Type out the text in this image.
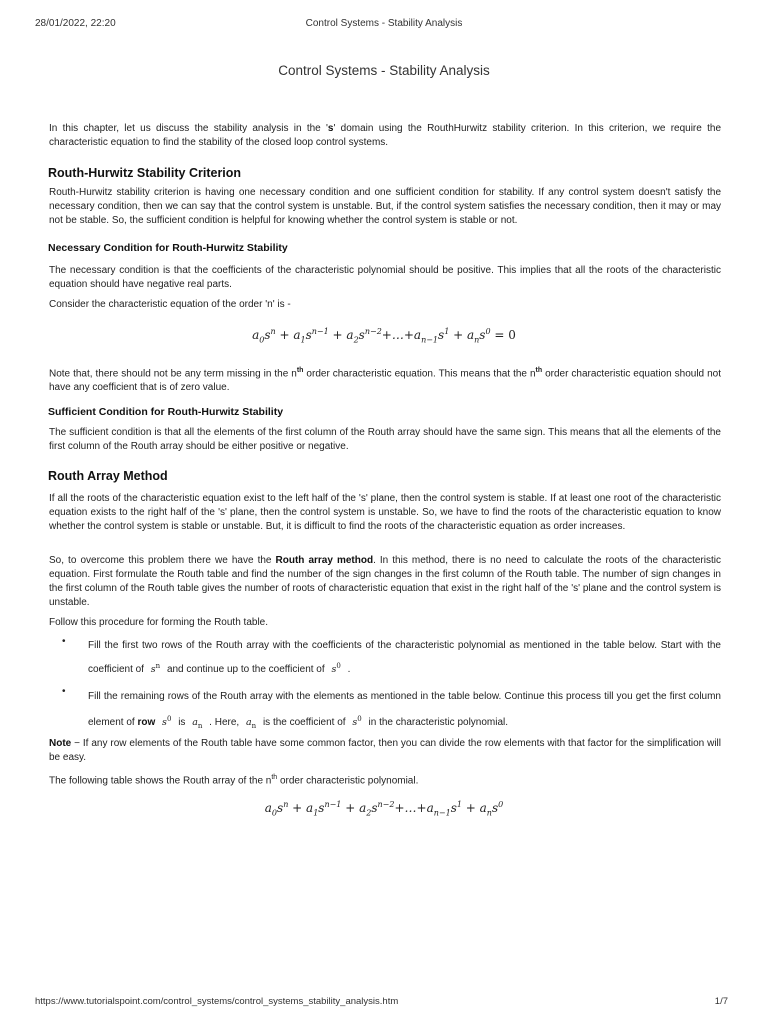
28/01/2022, 22:20	Control Systems - Stability Analysis
Control Systems - Stability Analysis

In this chapter, let us discuss the stability analysis in the 's' domain using the RouthHurwitz stability criterion. In this criterion, we require the characteristic equation to find the stability of the closed loop control systems.

Routh-Hurwitz Stability Criterion

Routh-Hurwitz stability criterion is having one necessary condition and one sufficient condition for stability. If any control system doesn't satisfy the necessary condition, then we can say that the control system is unstable. But, if the control system satisfies the necessary condition, then it may or may not be stable. So, the sufficient condition is helpful for knowing whether the control system is stable or not.

Necessary Condition for Routh-Hurwitz Stability

The necessary condition is that the coefficients of the characteristic polynomial should be positive. This implies that all the roots of the characteristic equation should have negative real parts.

Consider the characteristic equation of the order 'n' is -

$a_0s^n + a_1s^{n-1}$ + $a_2s^{n-2}+\dots+a_{n-1}s^1 + a_ns^0 = 0$

Note that, there should not be any term missing in the $n^{th}$ order characteristic equation. This means that the $n^{th}$ order characteristic equation should not have any coefficient that is of zero value.

Sufficient Condition for Routh-Hurwitz Stability

The sufficient condition is that all the elements of the first column of the Routh array should have the same sign. This means that all the elements of the first column of the Routh array should be either positive or negative.

Routh Array Method

If all the roots of the characteristic equation exist to the left half of the 's' plane, then the control system is stable. If at least one root of the characteristic equation exists to the right half of the 's' plane, then the control system is unstable. So, we have to find the roots of the characteristic equation to know whether the control system is stable or unstable. But, it is difficult to find the roots of the characteristic equation as order increases.

So, to overcome this problem there we have the Routh array method. In this method, there is no need to calculate the roots of the characteristic equation. First formulate the Routh table and find the number of the sign changes in the first column of the Routh table. The number of sign changes in the first column of the Routh table gives the number of roots of characteristic equation that exist in the right half of the 's' plane and the control system is unstable.

Follow this procedure for forming the Routh table.

• Fill the first two rows of the Routh array with the coefficients of the characteristic polynomial as mentioned in the table below. Start with the coefficient of $s^n$ and continue up to the coefficient of $s^0$ .

• Fill the remaining rows of the Routh array with the elements as mentioned in the table below. Continue this process till you get the first column element of row $s^0$ is $a_n$ . Here, $a_n$ is the coefficient of $s^0$ in the characteristic polynomial.

Note − If any row elements of the Routh table have some common factor, then you can divide the row elements with that factor for the simplification will be easy.

The following table shows the Routh array of the $n^{th}$ order characteristic polynomial.

$a_0s^n + a_1s^{n-1}$ + $a_2s^{n-2}+\dots+a_{n-1}s^1 + a_ns^0$
https://www.tutorialspoint.com/control_systems/control_systems_stability_analysis.htm	1/7
